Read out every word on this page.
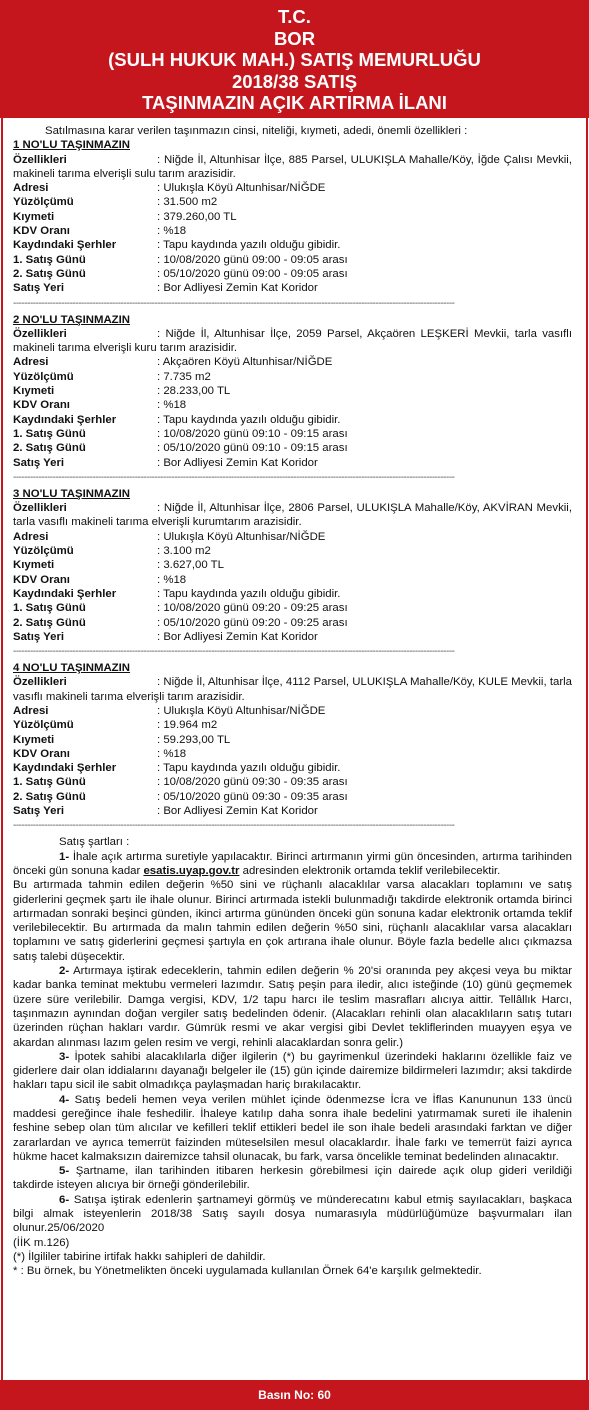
T.C.
BOR
(SULH HUKUK MAH.) SATIŞ MEMURLUĞU
2018/38 SATIŞ
TAŞINMAZIN AÇIK ARTIRMA İLANI
Satılmasına karar verilen taşınmazın cinsi, niteliği, kıymeti, adedi, önemli özellikleri :
1 NO'LU TAŞINMAZIN
Özellikleri	: Niğde İl, Altunhisar İlçe, 885 Parsel, ULUKIŞLA Mahalle/Köy, İğde Çalısı Mevkii, makineli tarıma elverişli sulu tarım arazisidir.
Adresi	: Ulukışla Köyü Altunhisar/NİĞDE
Yüzölçümü	: 31.500 m2
Kıymeti	: 379.260,00 TL
KDV Oranı	: %18
Kaydındaki Şerhler	: Tapu kaydında yazılı olduğu gibidir.
1. Satış Günü	: 10/08/2020 günü 09:00 - 09:05 arası
2. Satış Günü	: 05/10/2020 günü 09:00 - 09:05 arası
Satış Yeri	: Bor Adliyesi Zemin Kat Koridor
------------------------------------------------------------------------------------------------------------------------------------------------------------
2 NO'LU TAŞINMAZIN
Özellikleri	: Niğde İl, Altunhisar İlçe, 2059 Parsel, Akçaören LEŞKERİ Mevkii, tarla vasıflı makineli tarıma elverişli kuru tarım arazisidir.
Adresi	: Akçaören Köyü Altunhisar/NİĞDE
Yüzölçümü	: 7.735 m2
Kıymeti	: 28.233,00 TL
KDV Oranı	: %18
Kaydındaki Şerhler	: Tapu kaydında yazılı olduğu gibidir.
1. Satış Günü	: 10/08/2020 günü 09:10 - 09:15 arası
2. Satış Günü	: 05/10/2020 günü 09:10 - 09:15 arası
Satış Yeri	: Bor Adliyesi Zemin Kat Koridor
------------------------------------------------------------------------------------------------------------------------------------------------------------
3 NO'LU TAŞINMAZIN
Özellikleri	: Niğde İl, Altunhisar İlçe, 2806 Parsel, ULUKIŞLA Mahalle/Köy, AKVİRAN Mevkii, tarla vasıflı makineli tarıma elverişli kurumtarım arazisidir.
Adresi	: Ulukışla Köyü Altunhisar/NİĞDE
Yüzölçümü	: 3.100 m2
Kıymeti	: 3.627,00 TL
KDV Oranı	: %18
Kaydındaki Şerhler	: Tapu kaydında yazılı olduğu gibidir.
1. Satış Günü	: 10/08/2020 günü 09:20 - 09:25 arası
2. Satış Günü	: 05/10/2020 günü 09:20 - 09:25 arası
Satış Yeri	: Bor Adliyesi Zemin Kat Koridor
------------------------------------------------------------------------------------------------------------------------------------------------------------
4 NO'LU TAŞINMAZIN
Özellikleri	: Niğde İl, Altunhisar İlçe, 4112 Parsel, ULUKIŞLA Mahalle/Köy, KULE Mevkii, tarla vasıflı makineli tarıma elverişli tarım arazisidir.
Adresi	: Ulukışla Köyü Altunhisar/NİĞDE
Yüzölçümü	: 19.964 m2
Kıymeti	: 59.293,00 TL
KDV Oranı	: %18
Kaydındaki Şerhler	: Tapu kaydında yazılı olduğu gibidir.
1. Satış Günü	: 10/08/2020 günü 09:30 - 09:35 arası
2. Satış Günü	: 05/10/2020 günü 09:30 - 09:35 arası
Satış Yeri	: Bor Adliyesi Zemin Kat Koridor
------------------------------------------------------------------------------------------------------------------------------------------------------------
Satış şartları :
1- İhale açık artırma suretiyle yapılacaktır. Birinci artırmanın yirmi gün öncesinden, artırma tarihinden önceki gün sonuna kadar esatis.uyap.gov.tr adresinden elektronik ortamda teklif verilebilecektir.
Bu artırmada tahmin edilen değerin %50 sini ve rüçhanlı alacaklılar varsa alacakları toplamını ve satış giderlerini geçmek şartı ile ihale olunur. Birinci artırmada istekli bulunmadığı takdirde elektronik ortamda birinci artırmadan sonraki beşinci günden, ikinci artırma gününden önceki gün sonuna kadar elektronik ortamda teklif verilebilecektir. Bu artırmada da malın tahmin edilen değerin %50 sini, rüçhanlı alacaklılar varsa alacakları toplamını ve satış giderlerini geçmesi şartıyla en çok artırana ihale olunur. Böyle fazla bedelle alıcı çıkmazsa satış talebi düşecektir.
2- Artırmaya iştirak edeceklerin, tahmin edilen değerin % 20'si oranında pey akçesi veya bu miktar kadar banka teminat mektubu vermeleri lazımdır. Satış peşin para iledir, alıcı isteğinde (10) günü geçmemek üzere süre verilebilir. Damga vergisi, KDV, 1/2 tapu harcı ile teslim masrafları alıcıya aittir. Tellâllık Harcı, taşınmazın aynından doğan vergiler satış bedelinden ödenir. (Alacakları rehinli olan alacaklıların satış tutarı üzerinden rüçhan hakları vardır. Gümrük resmi ve akar vergisi gibi Devlet tekliflerinden muayyen eşya ve akardan alınması lazım gelen resim ve vergi, rehinli alacaklardan sonra gelir.)
3- İpotek sahibi alacaklılarla diğer ilgilerin (*) bu gayrimenkul üzerindeki haklarını özellikle faiz ve giderlere dair olan iddialarını dayanağı belgeler ile (15) gün içinde dairemize bildirmeleri lazımdır; aksi takdirde hakları tapu sicil ile sabit olmadıkça paylaşmadan hariç bırakılacaktır.
4- Satış bedeli hemen veya verilen mühlet içinde ödenmezse İcra ve İflas Kanununun 133 üncü maddesi gereğince ihale feshedilir. İhaleye katılıp daha sonra ihale bedelini yatırmamak sureti ile ihalenin feshine sebep olan tüm alıcılar ve kefilleri teklif ettikleri bedel ile son ihale bedeli arasındaki farktan ve diğer zararlardan ve ayrıca temerrüt faizinden müteselsilen mesul olacaklardır. İhale farkı ve temerrüt faizi ayrıca hükme hacet kalmaksızın dairemizce tahsil olunacak, bu fark, varsa öncelikle teminat bedelinden alınacaktır.
5- Şartname, ilan tarihinden itibaren herkesin görebilmesi için dairede açık olup gideri verildiği takdirde isteyen alıcıya bir örneği gönderilebilir.
6- Satışa iştirak edenlerin şartnameyi görmüş ve münderecatını kabul etmiş sayılacakları, başkaca bilgi almak isteyenlerin 2018/38 Satış sayılı dosya numarasıyla müdürlüğümüze başvurmaları ilan olunur.25/06/2020
(İİK m.126)
(*) İlgililer tabirine irtifak hakkı sahipleri de dahildir.
* : Bu örnek, bu Yönetmelikten önceki uygulamada kullanılan Örnek 64'e karşılık gelmektedir.
Basın No: 60
